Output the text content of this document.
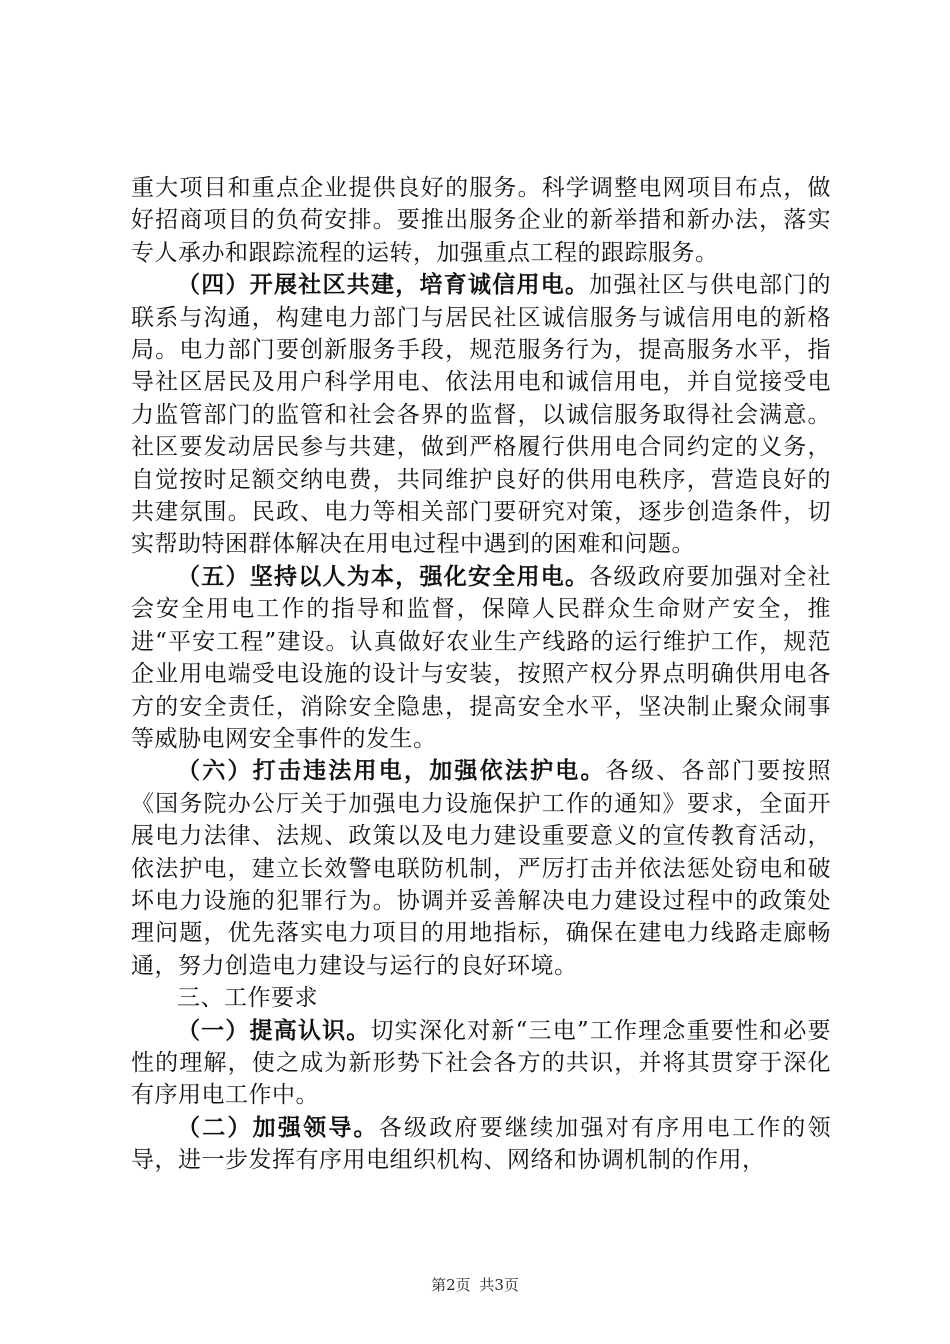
重大项目和重点企业提供良好的服务。科学调整电网项目布点，做好招商项目的负荷安排。要推出服务企业的新举措和新办法，落实专人承办和跟踪流程的运转，加强重点工程的跟踪服务。

（四）开展社区共建，培育诚信用电。加强社区与供电部门的联系与沟通，构建电力部门与居民社区诚信服务与诚信用电的新格局。电力部门要创新服务手段，规范服务行为，提高服务水平，指导社区居民及用户科学用电、依法用电和诚信用电，并自觉接受电力监管部门的监管和社会各界的监督，以诚信服务取得社会满意。社区要发动居民参与共建，做到严格履行供用电合同约定的义务，自觉按时足额交纳电费，共同维护良好的供用电秩序，营造良好的共建氛围。民政、电力等相关部门要研究对策，逐步创造条件，切实帮助特困群体解决在用电过程中遇到的困难和问题。

（五）坚持以人为本，强化安全用电。各级政府要加强对全社会安全用电工作的指导和监督，保障人民群众生命财产安全，推进“平安工程”建设。认真做好农业生产线路的运行维护工作，规范企业用电端受电设施的设计与安装，按照产权分界点明确供用电各方的安全责任，消除安全隐患，提高安全水平，坚决制止聚众闹事等威胁电网安全事件的发生。

（六）打击违法用电，加强依法护电。各级、各部门要按照《国务院办公厅关于加强电力设施保护工作的通知》要求，全面开展电力法律、法规、政策以及电力建设重要意义的宣传教育活动，依法护电，建立长效警电联防机制，严厉打击并依法惩处窃电和破坏电力设施的犯罪行为。协调并妥善解决电力建设过程中的政策处理问题，优先落实电力项目的用地指标，确保在建电力线路走廊畅通，努力创造电力建设与运行的良好环境。

三、工作要求

（一）提高认识。切实深化对新“三电”工作理念重要性和必要性的理解，使之成为新形势下社会各方的共识，并将其贯穿于深化有序用电工作中。

（二）加强领导。各级政府要继续加强对有序用电工作的领导，进一步发挥有序用电组织机构、网络和协调机制的作用，

第2页 共3页
